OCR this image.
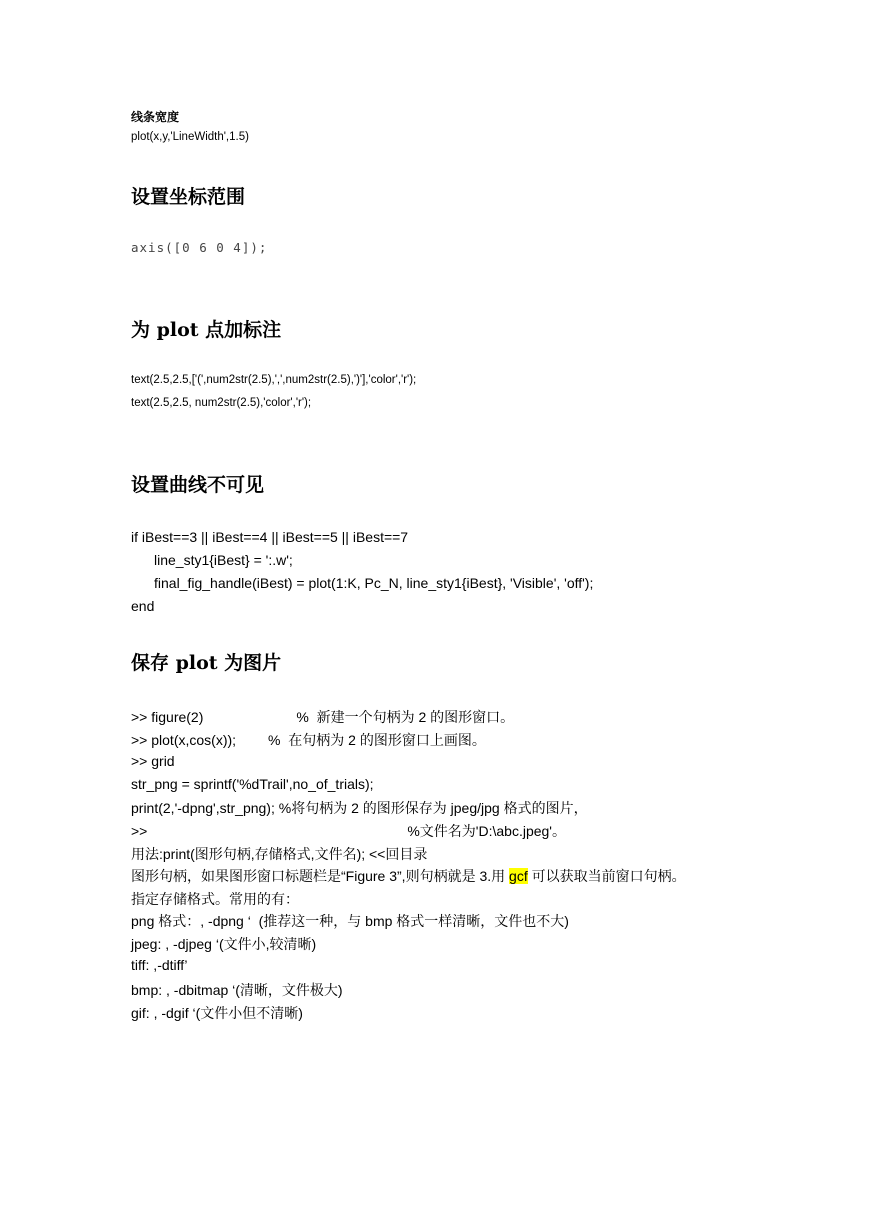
线条宽度
plot(x,y,'LineWidth',1.5)
设置坐标范围
axis([0 6 0 4]);
为 plot 点加标注
text(2.5,2.5,['(',num2str(2.5),',',num2str(2.5),')'],'color','r');
text(2.5,2.5, num2str(2.5),'color','r');
设置曲线不可见
if iBest==3 || iBest==4 || iBest==5 || iBest==7
line_sty1{iBest} = ':.w';
final_fig_handle(iBest) = plot(1:K, Pc_N, line_sty1{iBest}, 'Visible', 'off');
end
保存 plot 为图片
>> figure(2)	%  新建一个句柄为 2 的图形窗口。
>> plot(x,cos(x)); %  在句柄为 2 的图形窗口上画图。
>> grid
str_png = sprintf('%dTrail',no_of_trials);
print(2,'-dpng',str_png); %将句柄为 2 的图形保存为 jpeg/jpg 格式的图片，
>>	%文件名为'D:\abc.jpeg'。
用法:print(图形句柄,存储格式,文件名); <<回目录
图形句柄，如果图形窗口标题栏是“Figure 3”,则句柄就是 3.用 gcf 可以获取当前窗口句柄。
指定存储格式。常用的有：
png 格式：, -dpng ‘  (推荐这一种，与 bmp 格式一样清晰，文件也不大)
jpeg: , -djpeg ‘(文件小,较清晰)
tiff: ,-dtiff’
bmp: , -dbitmap ‘(清晰，文件极大)
gif: , -dgif ‘(文件小但不清晰)
